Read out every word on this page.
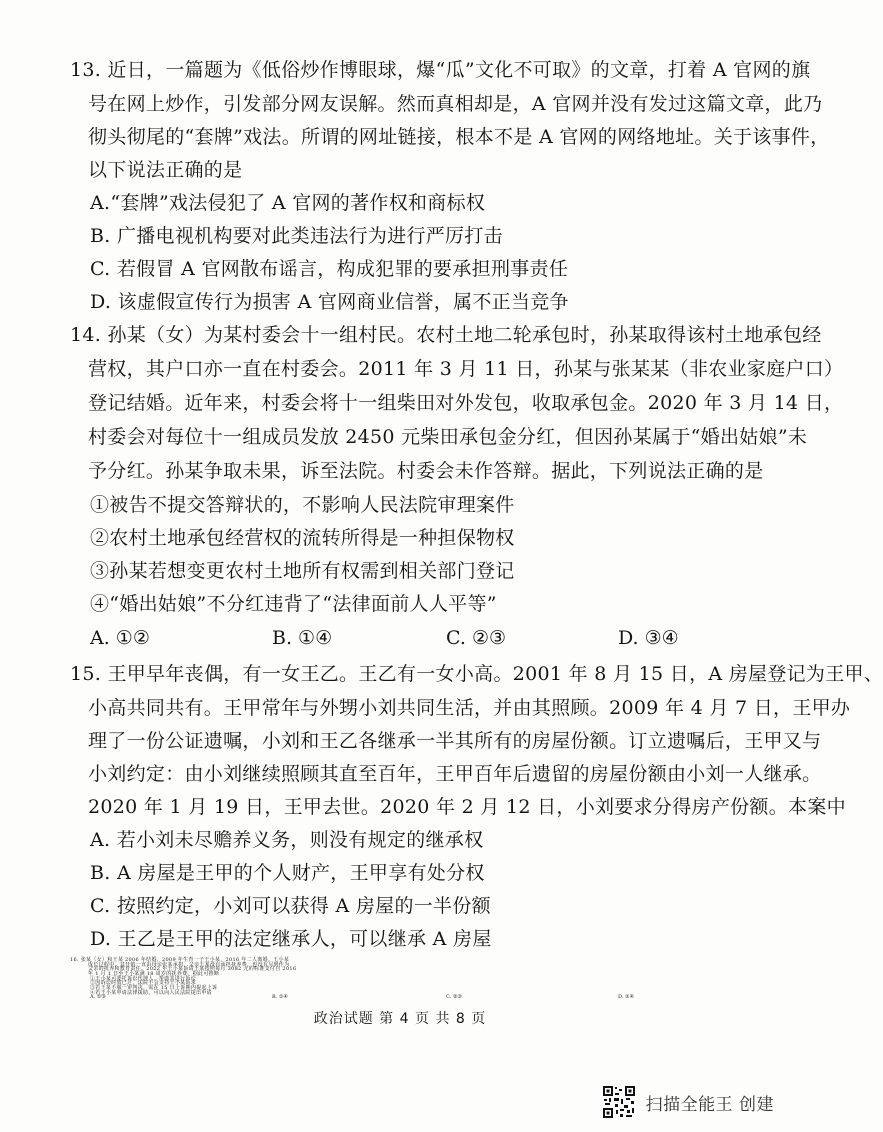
13. 近日，一篇题为《低俗炒作博眼球，爆“瓜”文化不可取》的文章，打着 A 官网的旗
号在网上炒作，引发部分网友误解。然而真相却是，A 官网并没有发过这篇文章，此乃
彻头彻尾的“套牌”戏法。所谓的网址链接，根本不是 A 官网的网络地址。关于该事件，
以下说法正确的是
A.“套牌”戏法侵犯了 A 官网的著作权和商标权
B. 广播电视机构要对此类违法行为进行严厉打击
C. 若假冒 A 官网散布谣言，构成犯罪的要承担刑事责任
D. 该虚假宣传行为损害 A 官网商业信誉，属不正当竞争
14. 孙某（女）为某村委会十一组村民。农村土地二轮承包时，孙某取得该村土地承包经
营权，其户口亦一直在村委会。2011 年 3 月 11 日，孙某与张某某（非农业家庭户口）
登记结婚。近年来，村委会将十一组柴田对外发包，收取承包金。2020 年 3 月 14 日，
村委会对每位十一组成员发放 2450 元柴田承包金分红，但因孙某属于“婚出姑娘”未
予分红。孙某争取未果，诉至法院。村委会未作答辩。据此，下列说法正确的是
①被告不提交答辩状的，不影响人民法院审理案件
②农村土地承包经营权的流转所得是一种担保物权
③孙某若想变更农村土地所有权需到相关部门登记
④“婚出姑娘”不分红违背了“法律面前人人平等”
A. ①②	B. ①④	C. ②③	D. ③④
15. 王甲早年丧偶，有一女王乙。王乙有一女小高。2001 年 8 月 15 日，A 房屋登记为王甲、
小高共同共有。王甲常年与外甥小刘共同生活，并由其照顾。2009 年 4 月 7 日，王甲办
理了一份公证遗嘱，小刘和王乙各继承一半其所有的房屋份额。订立遗嘱后，王甲又与
小刘约定：由小刘继续照顾其直至百年，王甲百年后遗留的房屋份额由小刘一人继承。
2020 年 1 月 19 日，王甲去世。2020 年 2 月 12 日，小刘要求分得房产份额。本案中
A. 若小刘未尽赡养义务，则没有规定的继承权
B. A 房屋是王甲的个人财产，王甲享有处分权
C. 按照约定，小刘可以获得 A 房屋的一半份额
D. 王乙是王甲的法定继承人，可以继承 A 房屋
16. 张某（女）和王某 2006 年结婚，2009 年生育一子王小某，2016 年二人离婚。王小某
成长过程中，其开销一直由母亲张某承担，父亲王某没有承担抚养费，也没有尽到作为
父亲的抚养和教育责任。2022 年王小某诉请王某按照每月 3082 元的标准支付自 2016
年 1 月 1 日至王小某满 18 周岁的抚养费。据此可推断
①王小某可委托诉讼代理人，帮助其进行诉讼
②因诉讼时效已过，法院不会支持王小某诉求
③若王某不服一审判决，需在 15 日上诉期内提起上诉
④若王小某申请法律援助，可以向人民法院提出申请
A. ①③	B. ①④	C. ②③	D. ②④
政治试题 第 4 页 共 8 页
扫描全能王 创建
